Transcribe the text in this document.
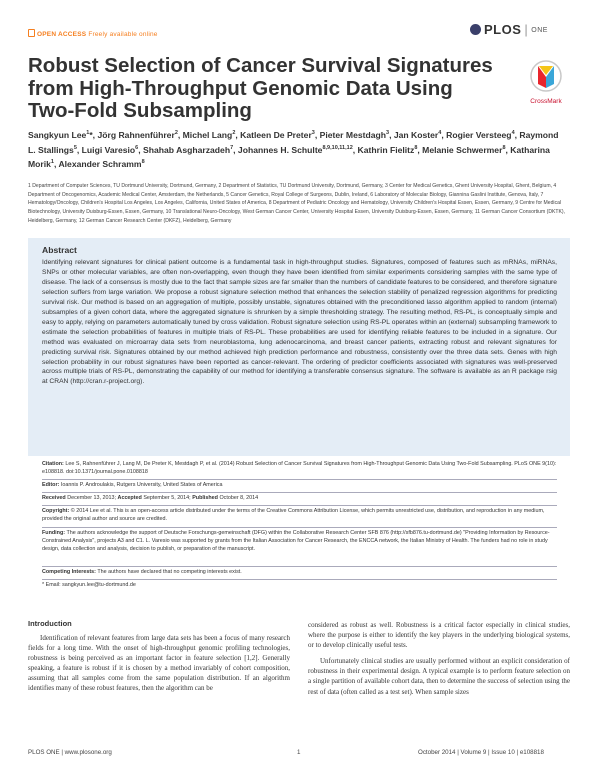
OPEN ACCESS Freely available online	PLOS | ONE
Robust Selection of Cancer Survival Signatures from High-Throughput Genomic Data Using Two-Fold Subsampling	CrossMark
Sangkyun Lee$^1$*, Jörg Rahnenführer$^2$, Michel Lang$^2$, Katleen De Preter$^3$, Pieter Mestdagh$^3$, Jan Koster$^4$, Rogier Versteeg$^4$, Raymond L. Stallings$^5$, Luigi Varesio$^6$, Shahab Asgharzadeh$^7$, Johannes H. Schulte$^{8,9,10,11,12}$, Kathrin Fielitz$^8$, Melanie Schwermer$^8$, Katharina Morik$^1$, Alexander Schramm$^8$
1 Department of Computer Sciences, TU Dortmund University, Dortmund, Germany, 2 Department of Statistics, TU Dortmund University, Dortmund, Germany, 3 Center for Medical Genetics, Ghent University Hospital, Ghent, Belgium, 4 Department of Oncogenomics, Academic Medical Center, Amsterdam, the Netherlands, 5 Cancer Genetics, Royal College of Surgeons, Dublin, Ireland, 6 Laboratory of Molecular Biology, Giannina Gaslini Institute, Genova, Italy, 7 Hematology/Oncology, Children's Hospital Los Angeles, Los Angeles, California, United States of America, 8 Department of Pediatric Oncology and Hematology, University Children's Hospital Essen, Essen, Germany, 9 Centre for Medical Biotechnology, University Duisburg-Essen, Essen, Germany, 10 Translational Neuro-Oncology, West German Cancer Center, University Hospital Essen, University Duisburg-Essen, Essen, Germany, 11 German Cancer Consortium (DKTK), Heidelberg, Germany, 12 German Cancer Research Center (DKFZ), Heidelberg, Germany
Abstract
Identifying relevant signatures for clinical patient outcome is a fundamental task in high-throughput studies. Signatures, composed of features such as mRNAs, miRNAs, SNPs or other molecular variables, are often non-overlapping, even though they have been identified from similar experiments considering samples with the same type of disease. The lack of a consensus is mostly due to the fact that sample sizes are far smaller than the numbers of candidate features to be considered, and therefore signature selection suffers from large variation. We propose a robust signature selection method that enhances the selection stability of penalized regression algorithms for predicting survival risk. Our method is based on an aggregation of multiple, possibly unstable, signatures obtained with the preconditioned lasso algorithm applied to random (internal) subsamples of a given cohort data, where the aggregated signature is shrunken by a simple thresholding strategy. The resulting method, RS-PL, is conceptually simple and easy to apply, relying on parameters automatically tuned by cross validation. Robust signature selection using RS-PL operates within an (external) subsampling framework to estimate the selection probabilities of features in multiple trials of RS-PL. These probabilities are used for identifying reliable features to be included in a signature. Our method was evaluated on microarray data sets from neuroblastoma, lung adenocarcinoma, and breast cancer patients, extracting robust and relevant signatures for predicting survival risk. Signatures obtained by our method achieved high prediction performance and robustness, consistently over the three data sets. Genes with high selection probability in our robust signatures have been reported as cancer-relevant. The ordering of predictor coefficients associated with signatures was well-preserved across multiple trials of RS-PL, demonstrating the capability of our method for identifying a transferable consensus signature. The software is available as an R package rsig at CRAN (http://cran.r-project.org).
Citation: Lee S, Rahnenführer J, Lang M, De Preter K, Mestdagh P, et al. (2014) Robust Selection of Cancer Survival Signatures from High-Throughput Genomic Data Using Two-Fold Subsampling. PLoS ONE 9(10): e108818. doi:10.1371/journal.pone.0108818
Editor: Ioannis P. Androulakis, Rutgers University, United States of America
Received December 13, 2013; Accepted September 5, 2014; Published October 8, 2014
Copyright: © 2014 Lee et al. This is an open-access article distributed under the terms of the Creative Commons Attribution License, which permits unrestricted use, distribution, and reproduction in any medium, provided the original author and source are credited.
Funding: The authors acknowledge the support of Deutsche Forschungs-gemeinschaft (DFG) within the Collaborative Research Center SFB 876 (http://sfb876.tu-dortmund.de) "Providing Information by Resource-Constrained Analysis", projects A3 and C1. L. Varesio was supported by grants from the Italian Association for Cancer Research, the ENCCA network, the Italian Ministry of Health. The funders had no role in study design, data collection and analysis, decision to publish, or preparation of the manuscript.
Competing Interests: The authors have declared that no competing interests exist.
* Email: sangkyun.lee@tu-dortmund.de
Introduction

Identification of relevant features from large data sets has been a focus of many research fields for a long time. With the onset of high-throughput genomic profiling technologies, robustness is being perceived as an important factor in feature selection [1,2]. Generally speaking, a feature is robust if it is chosen by a method invariably of cohort composition, assuming that all samples come from the same population distribution. If an algorithm identifies many of these robust features, then the algorithm can be

considered as robust as well. Robustness is a critical factor especially in clinical studies, where the purpose is either to identify the key players in the underlying biological systems, or to develop clinically useful tests.

Unfortunately clinical studies are usually performed without an explicit consideration of robustness in their experimental design. A typical example is to perform feature selection on a single partition of available cohort data, then to determine the success of selection using the rest of data (often called as a test set). When sample sizes

PLOS ONE | www.plosone.org	1	October 2014 | Volume 9 | Issue 10 | e108818
